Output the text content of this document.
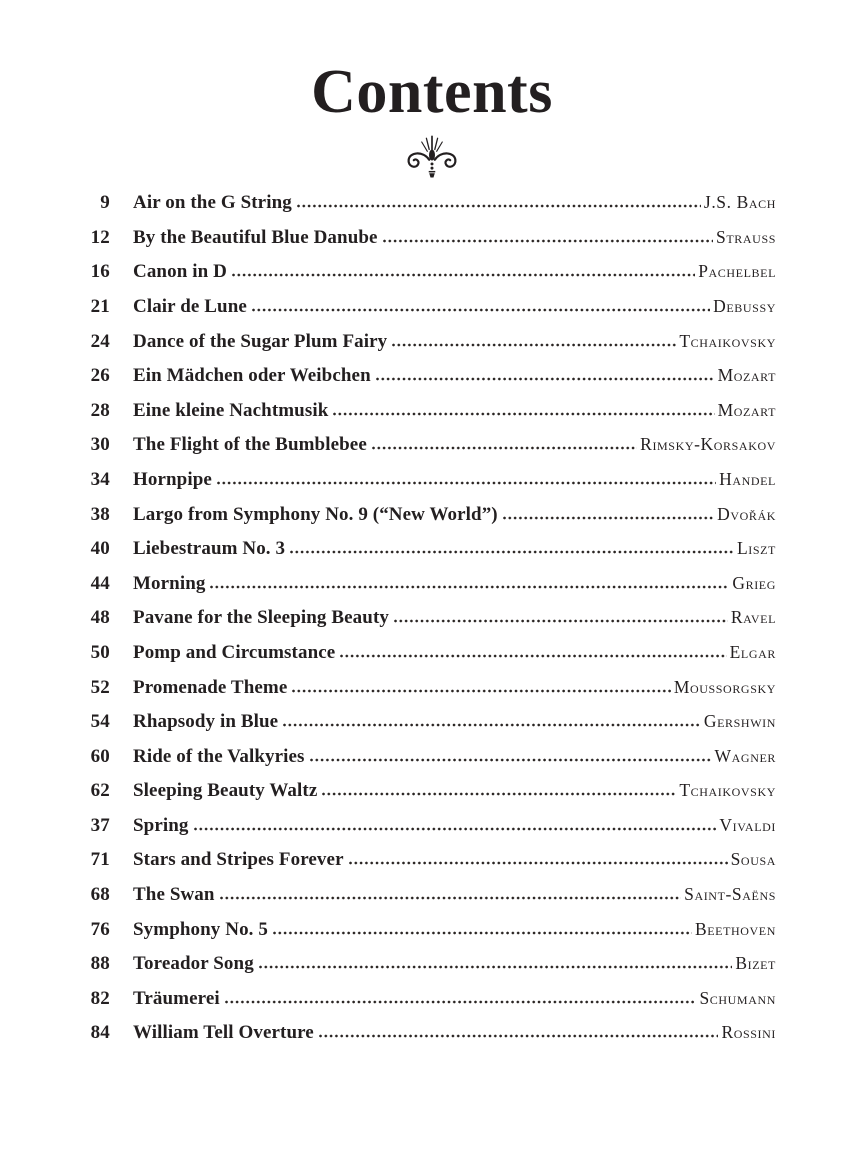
Contents
9 Air on the G String	J.S. Bach
12 By the Beautiful Blue Danube	Strauss
16 Canon in D	Pachelbel
21 Clair de Lune	Debussy
24 Dance of the Sugar Plum Fairy	Tchaikovsky
26 Ein Mädchen oder Weibchen	Mozart
28 Eine kleine Nachtmusik	Mozart
30 The Flight of the Bumblebee	Rimsky-Korsakov
34 Hornpipe	Handel
38 Largo from Symphony No. 9 (“New World”)	Dvořák
40 Liebestraum No. 3	Liszt
44 Morning	Grieg
48 Pavane for the Sleeping Beauty	Ravel
50 Pomp and Circumstance	Elgar
52 Promenade Theme	Moussorgsky
54 Rhapsody in Blue	Gershwin
60 Ride of the Valkyries	Wagner
62 Sleeping Beauty Waltz	Tchaikovsky
37 Spring	Vivaldi
71 Stars and Stripes Forever	Sousa
68 The Swan	Saint-Saëns
76 Symphony No. 5	Beethoven
88 Toreador Song	Bizet
82 Träumerei	Schumann
84 William Tell Overture	Rossini
